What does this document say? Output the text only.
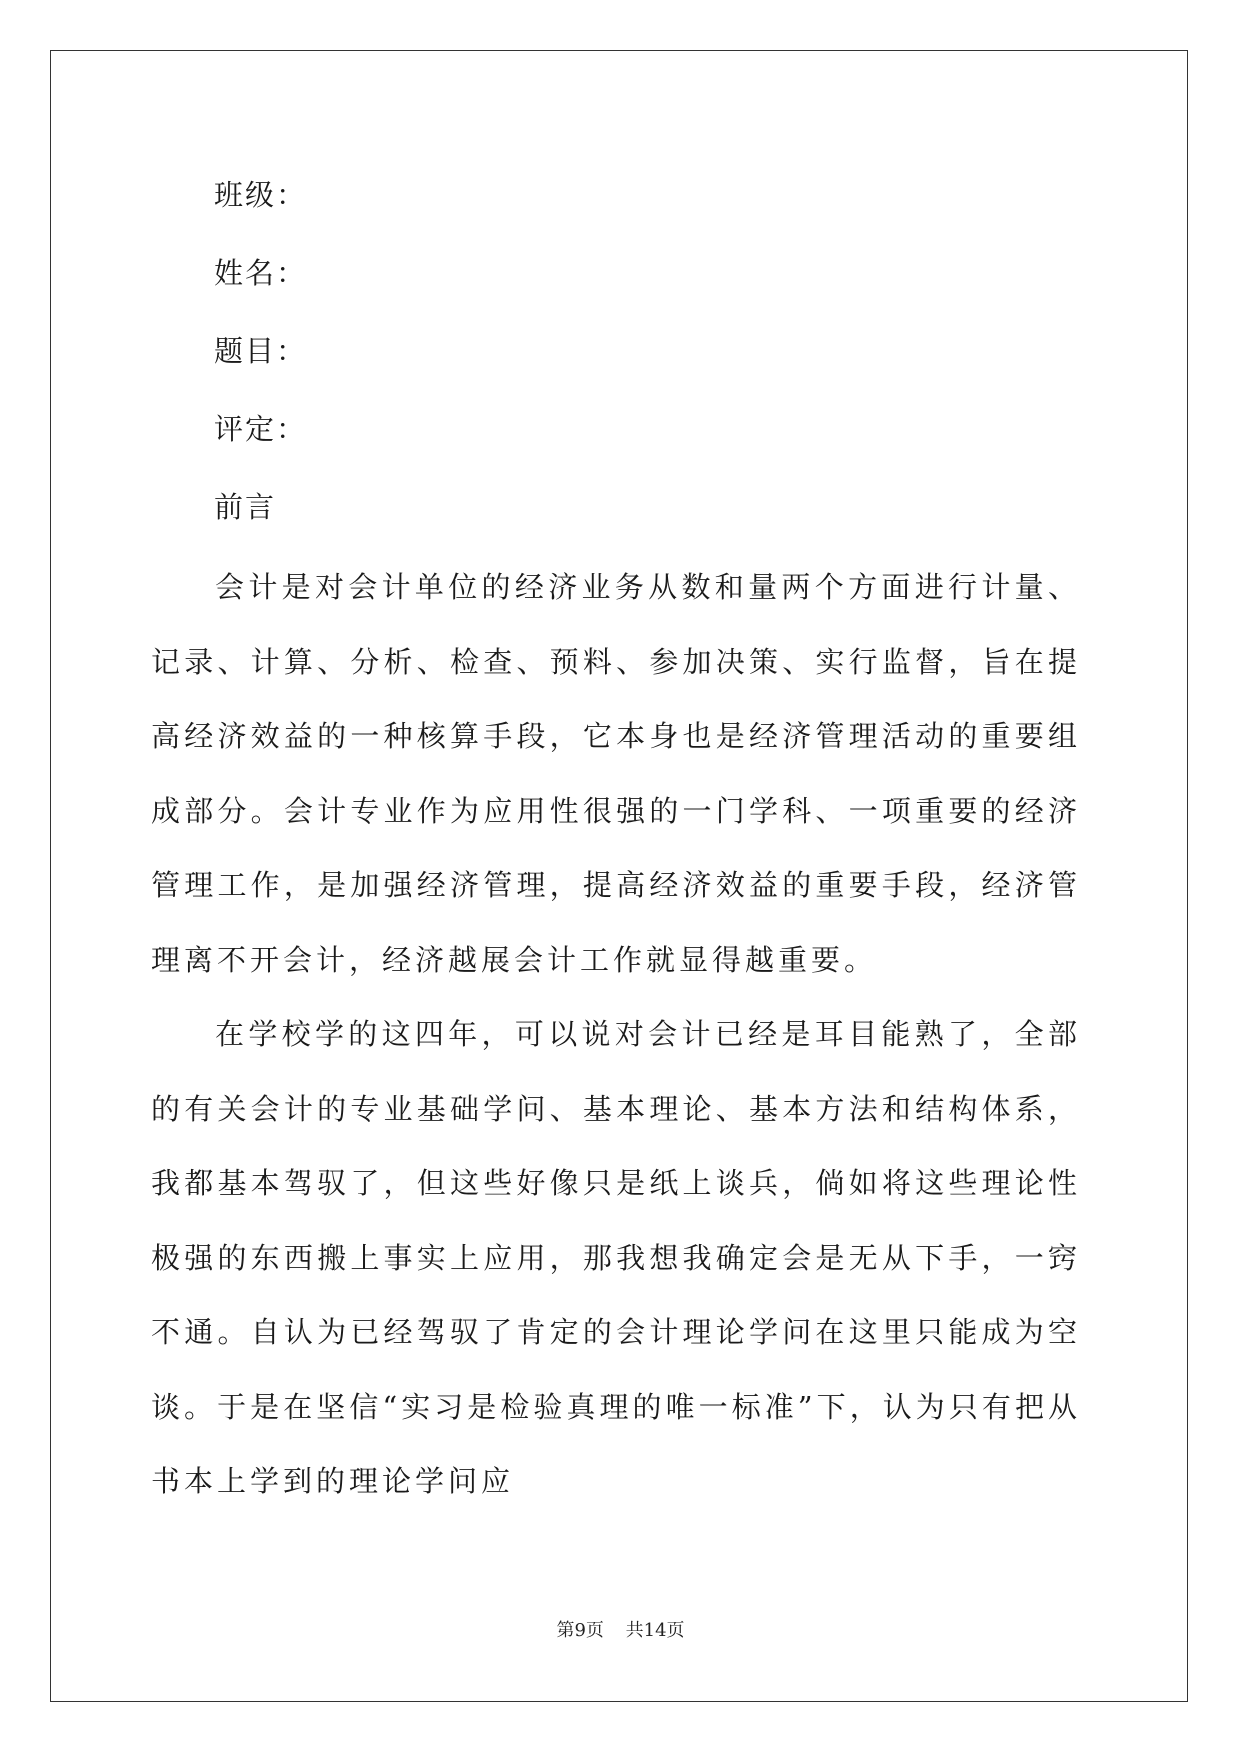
班级：
姓名：
题目：
评定：
前言

会计是对会计单位的经济业务从数和量两个方面进行计量、记录、计算、分析、检查、预料、参加决策、实行监督，旨在提高经济效益的一种核算手段，它本身也是经济管理活动的重要组成部分。会计专业作为应用性很强的一门学科、一项重要的经济管理工作，是加强经济管理，提高经济效益的重要手段，经济管理离不开会计，经济越展会计工作就显得越重要。

在学校学的这四年，可以说对会计已经是耳目能熟了，全部的有关会计的专业基础学问、基本理论、基本方法和结构体系，我都基本驾驭了，但这些好像只是纸上谈兵，倘如将这些理论性极强的东西搬上事实上应用，那我想我确定会是无从下手，一窍不通。自认为已经驾驭了肯定的会计理论学问在这里只能成为空谈。于是在坚信“实习是检验真理的唯一标准”下，认为只有把从书本上学到的理论学问应

第9页 共14页
